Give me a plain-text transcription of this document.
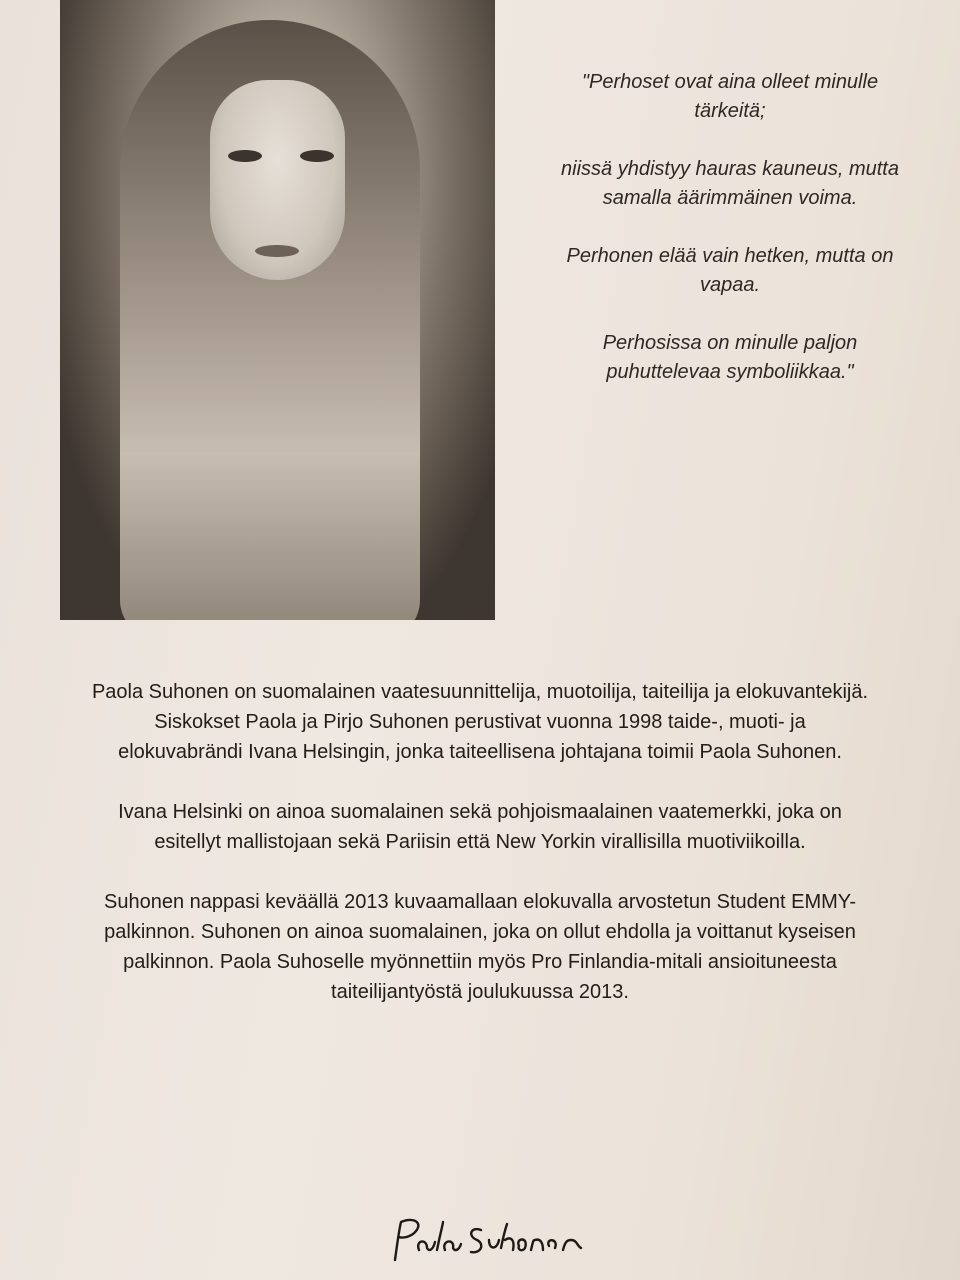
"Perhoset ovat aina olleet minulle tärkeitä;

niissä yhdistyy hauras kauneus, mutta samalla äärimmäinen voima.

Perhonen elää vain hetken, mutta on vapaa.

Perhosissa on minulle paljon puhuttelevaa symboliikkaa."

Paola Suhonen on suomalainen vaatesuunnittelija, muotoilija, taiteilija ja elokuvantekijä. Siskokset Paola ja Pirjo Suhonen perustivat vuonna 1998 taide-, muoti- ja elokuvabrändi Ivana Helsingin, jonka taiteellisena johtajana toimii Paola Suhonen.

Ivana Helsinki on ainoa suomalainen sekä pohjoismaalainen vaatemerkki, joka on esitellyt mallistojaan sekä Pariisin että New Yorkin virallisilla muotiviikoilla.

Suhonen nappasi keväällä 2013 kuvaamallaan elokuvalla arvostetun Student EMMY-palkinnon. Suhonen on ainoa suomalainen, joka on ollut ehdolla ja voittanut kyseisen palkinnon. Paola Suhoselle myönnettiin myös Pro Finlandia-mitali ansioituneesta taiteilijantyöstä joulukuussa 2013.
